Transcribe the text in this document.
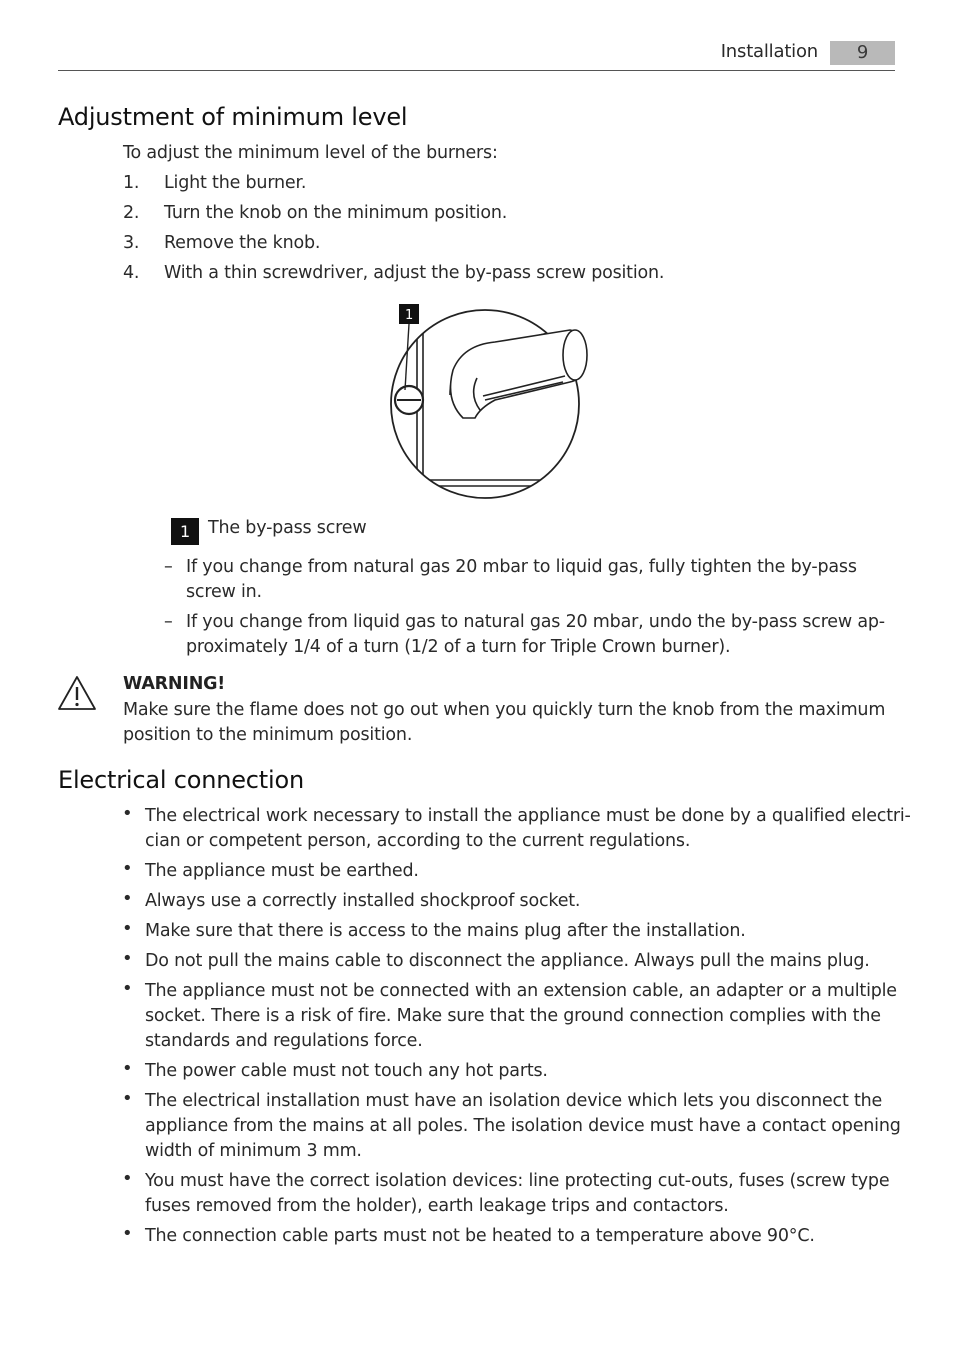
Installation	9
Adjustment of minimum level
To adjust the minimum level of the burners:
1. Light the burner.
2. Turn the knob on the minimum position.
3. Remove the knob.
4. With a thin screwdriver, adjust the by-pass screw position.
1
1	The by-pass screw
– If you change from natural gas 20 mbar to liquid gas, fully tighten the by-pass
screw in.
– If you change from liquid gas to natural gas 20 mbar, undo the by-pass screw ap-
proximately 1/4 of a turn (1/2 of a turn for Triple Crown burner).
WARNING!
Make sure the flame does not go out when you quickly turn the knob from the maximum
position to the minimum position.
Electrical connection
• The electrical work necessary to install the appliance must be done by a qualified electri-
cian or competent person, according to the current regulations.
• The appliance must be earthed.
• Always use a correctly installed shockproof socket.
• Make sure that there is access to the mains plug after the installation.
• Do not pull the mains cable to disconnect the appliance. Always pull the mains plug.
• The appliance must not be connected with an extension cable, an adapter or a multiple
socket. There is a risk of fire. Make sure that the ground connection complies with the
standards and regulations force.
• The power cable must not touch any hot parts.
• The electrical installation must have an isolation device which lets you disconnect the
appliance from the mains at all poles. The isolation device must have a contact opening
width of minimum 3 mm.
• You must have the correct isolation devices: line protecting cut-outs, fuses (screw type
fuses removed from the holder), earth leakage trips and contactors.
• The connection cable parts must not be heated to a temperature above 90°C.
